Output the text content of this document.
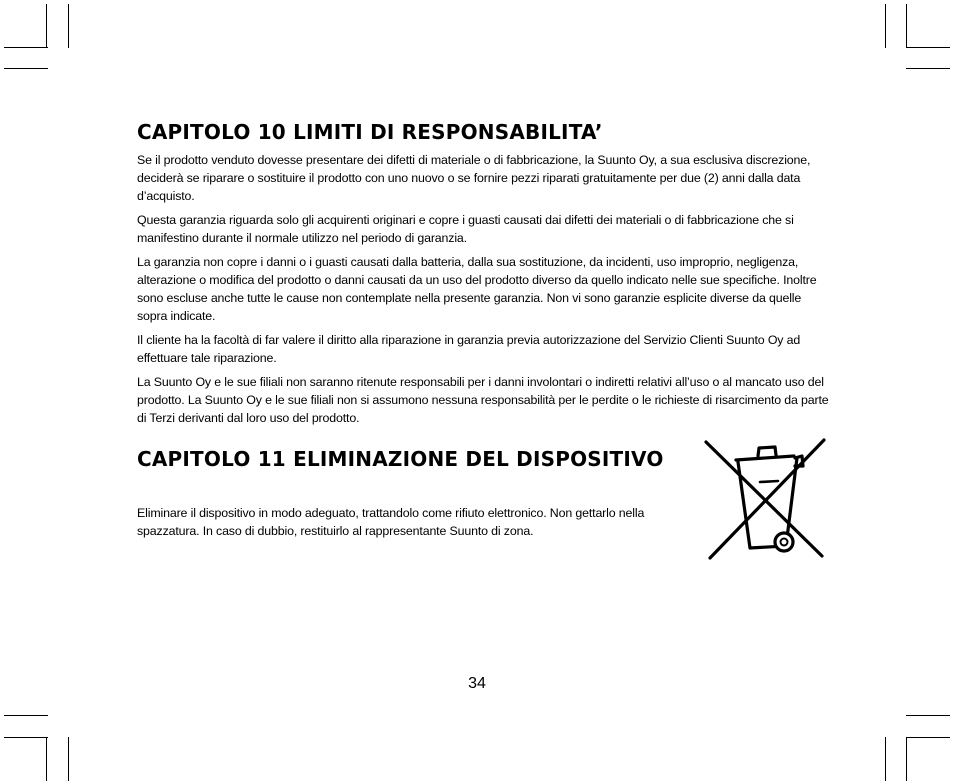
CAPITOLO 10 LIMITI DI RESPONSABILITA’

Se il prodotto venduto dovesse presentare dei difetti di materiale o di fabbricazione, la Suunto Oy, a sua esclusiva discrezione, deciderà se riparare o sostituire il prodotto con uno nuovo o se fornire pezzi riparati gratuitamente per due (2) anni dalla data d’acquisto.

Questa garanzia riguarda solo gli acquirenti originari e copre i guasti causati dai difetti dei materiali o di fabbricazione che si manifestino durante il normale utilizzo nel periodo di garanzia.

La garanzia non copre i danni o i guasti causati dalla batteria, dalla sua sostituzione, da incidenti, uso improprio, negligenza, alterazione o modifica del prodotto o danni causati da un uso del prodotto diverso da quello indicato nelle sue specifiche. Inoltre sono escluse anche tutte le cause non contemplate nella presente garanzia. Non vi sono garanzie esplicite diverse da quelle sopra indicate.

Il cliente ha la facoltà di far valere il diritto alla riparazione in garanzia previa autorizzazione del Servizio Clienti Suunto Oy ad effettuare tale riparazione.

La Suunto Oy e le sue filiali non saranno ritenute responsabili per i danni involontari o indiretti relativi all’uso o al mancato uso del prodotto. La Suunto Oy e le sue filiali non si assumono nessuna responsabilità per le perdite o le richieste di risarcimento da parte di Terzi derivanti dal loro uso del prodotto.

CAPITOLO 11 ELIMINAZIONE DEL DISPOSITIVO

Eliminare il dispositivo in modo adeguato, trattandolo come rifiuto elettronico. Non gettarlo nella spazzatura. In caso di dubbio, restituirlo al rappresentante Suunto di zona.

34
